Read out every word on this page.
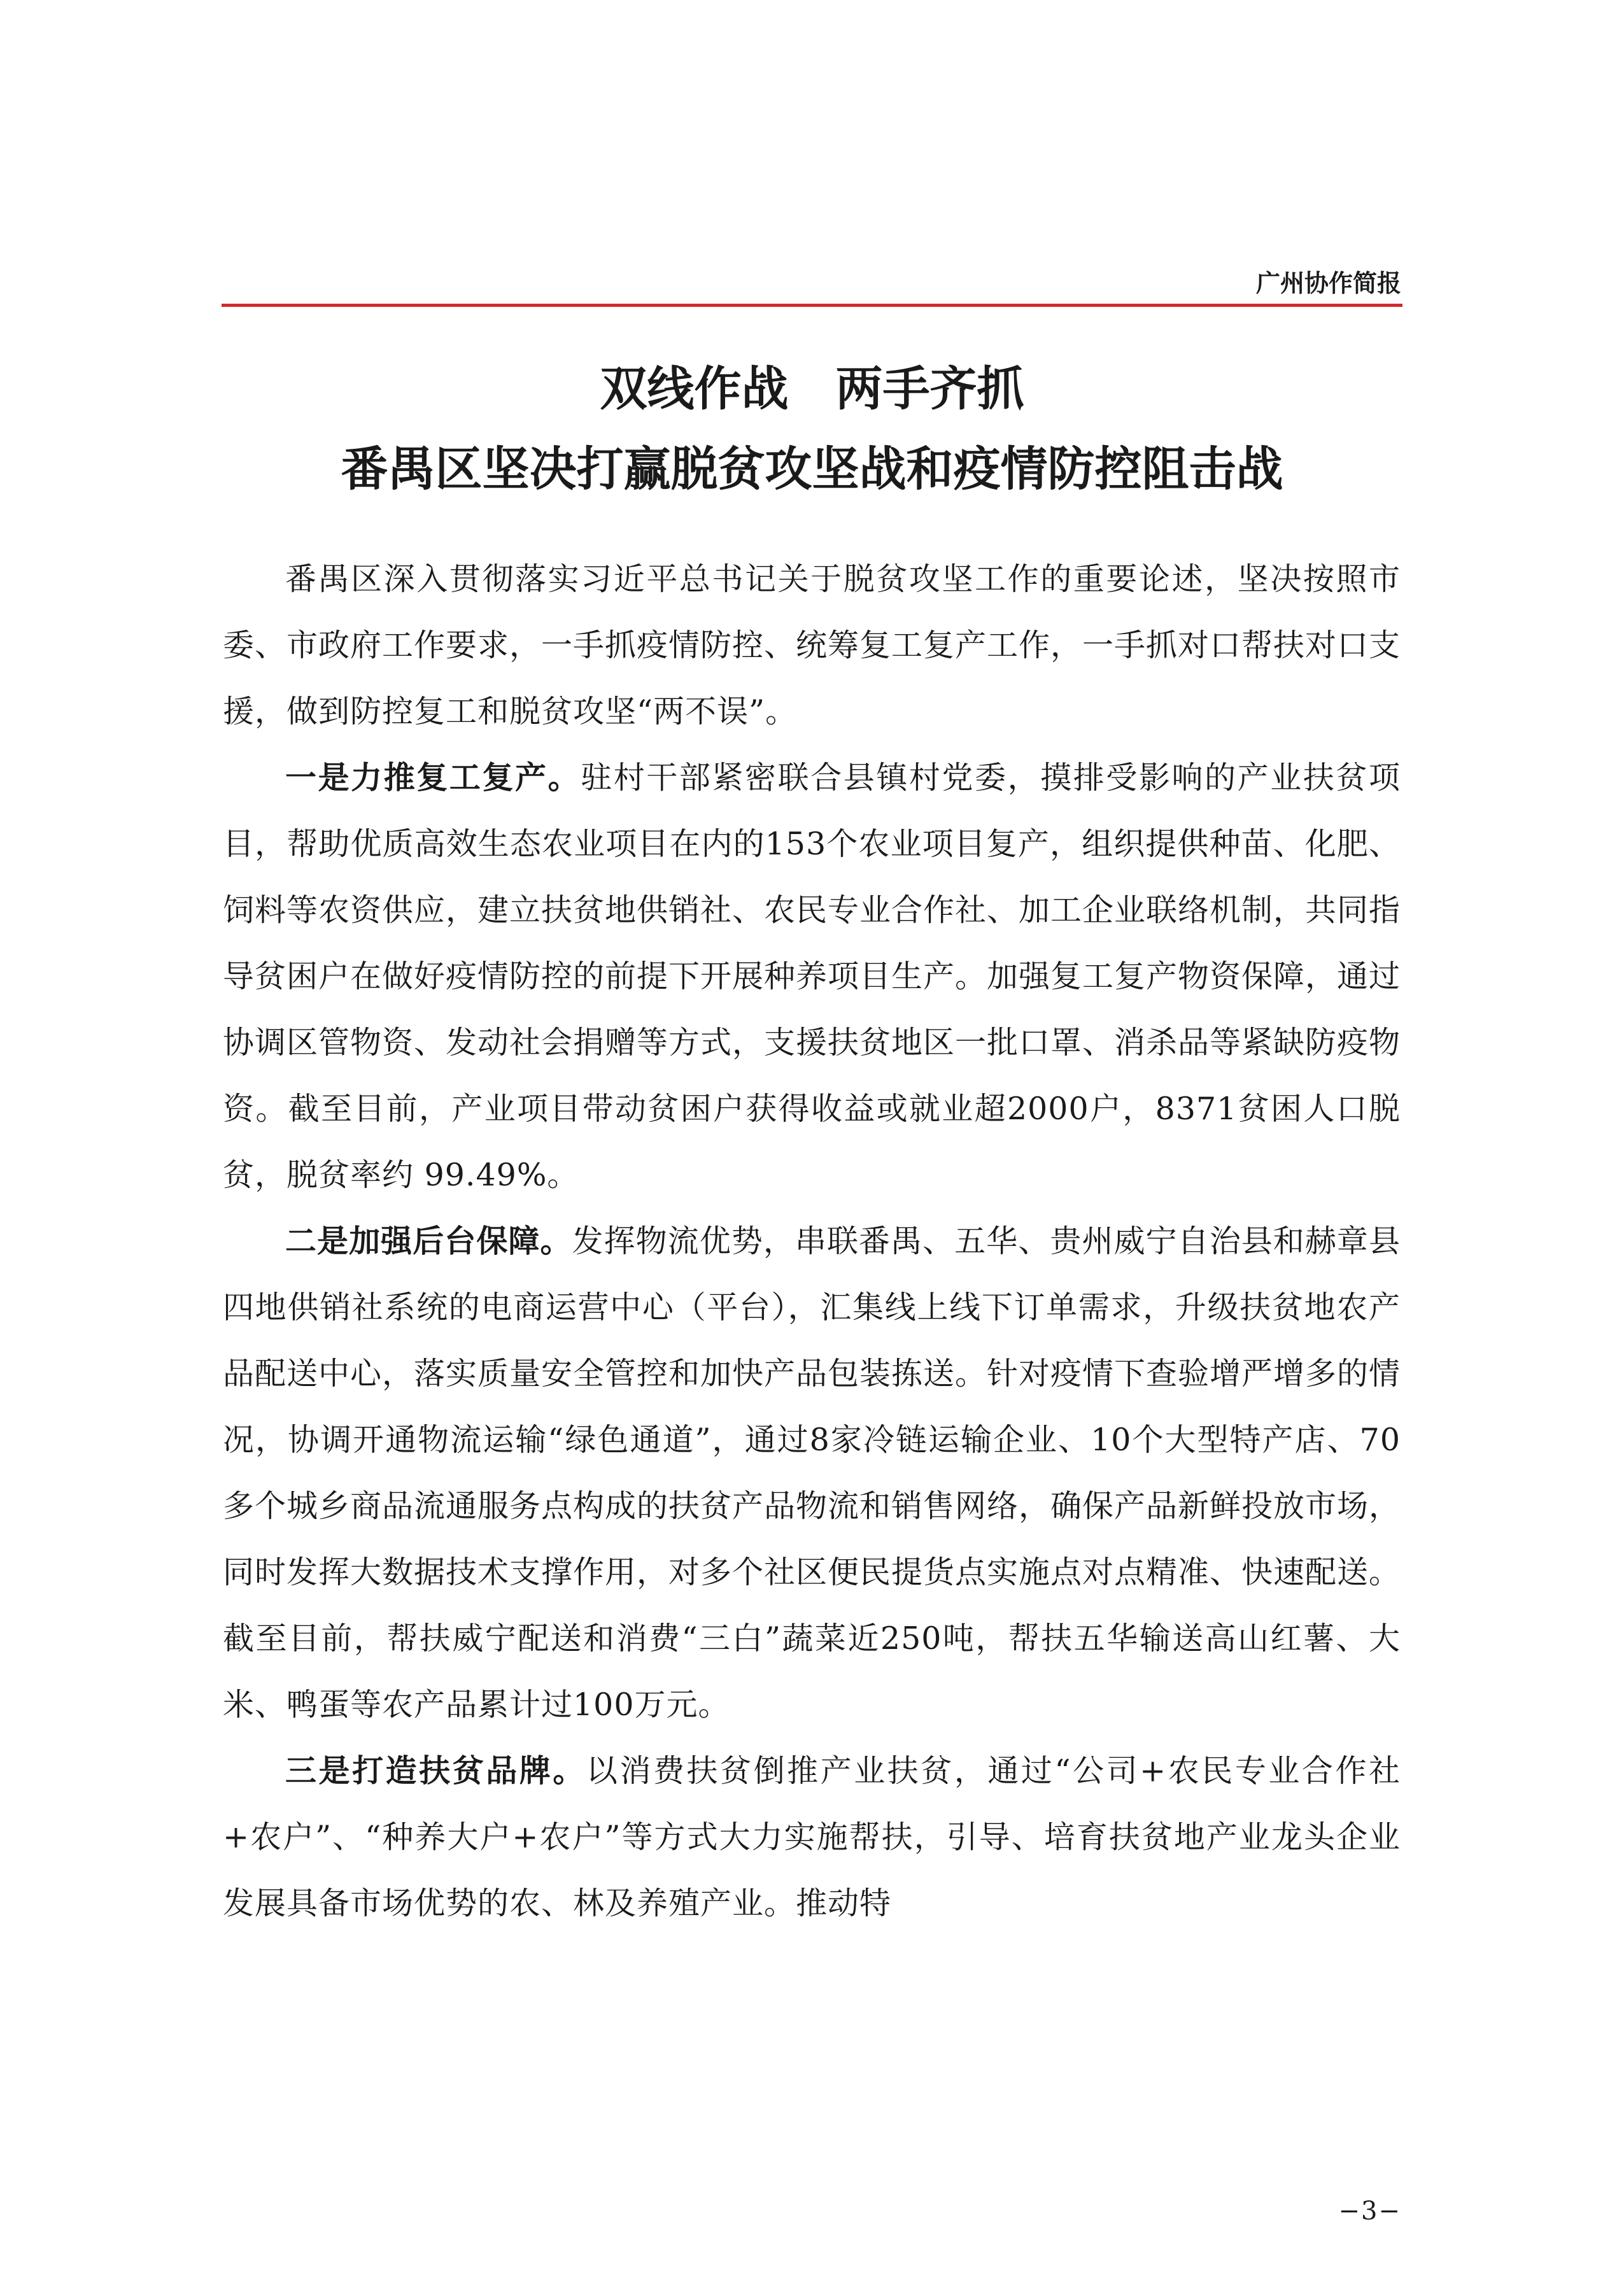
广州协作简报
双线作战　两手齐抓
番禺区坚决打赢脱贫攻坚战和疫情防控阻击战

番禺区深入贯彻落实习近平总书记关于脱贫攻坚工作的重要论述，坚决按照市委、市政府工作要求，一手抓疫情防控、统筹复工复产工作，一手抓对口帮扶对口支援，做到防控复工和脱贫攻坚“两不误”。

一是力推复工复产。驻村干部紧密联合县镇村党委，摸排受影响的产业扶贫项目，帮助优质高效生态农业项目在内的153个农业项目复产，组织提供种苗、化肥、饲料等农资供应，建立扶贫地供销社、农民专业合作社、加工企业联络机制，共同指导贫困户在做好疫情防控的前提下开展种养项目生产。加强复工复产物资保障，通过协调区管物资、发动社会捐赠等方式，支援扶贫地区一批口罩、消杀品等紧缺防疫物资。截至目前，产业项目带动贫困户获得收益或就业超2000户，8371贫困人口脱贫，脱贫率约 99.49%。

二是加强后台保障。发挥物流优势，串联番禺、五华、贵州威宁自治县和赫章县四地供销社系统的电商运营中心（平台），汇集线上线下订单需求，升级扶贫地农产品配送中心，落实质量安全管控和加快产品包装拣送。针对疫情下查验增严增多的情况，协调开通物流运输“绿色通道”，通过8家冷链运输企业、10个大型特产店、70多个城乡商品流通服务点构成的扶贫产品物流和销售网络，确保产品新鲜投放市场，同时发挥大数据技术支撑作用，对多个社区便民提货点实施点对点精准、快速配送。截至目前，帮扶威宁配送和消费“三白”蔬菜近250吨，帮扶五华输送高山红薯、大米、鸭蛋等农产品累计过100万元。

三是打造扶贫品牌。以消费扶贫倒推产业扶贫，通过“公司+农民专业合作社+农户”、“种养大户+农户”等方式大力实施帮扶，引导、培育扶贫地产业龙头企业发展具备市场优势的农、林及养殖产业。推动特

−3−
